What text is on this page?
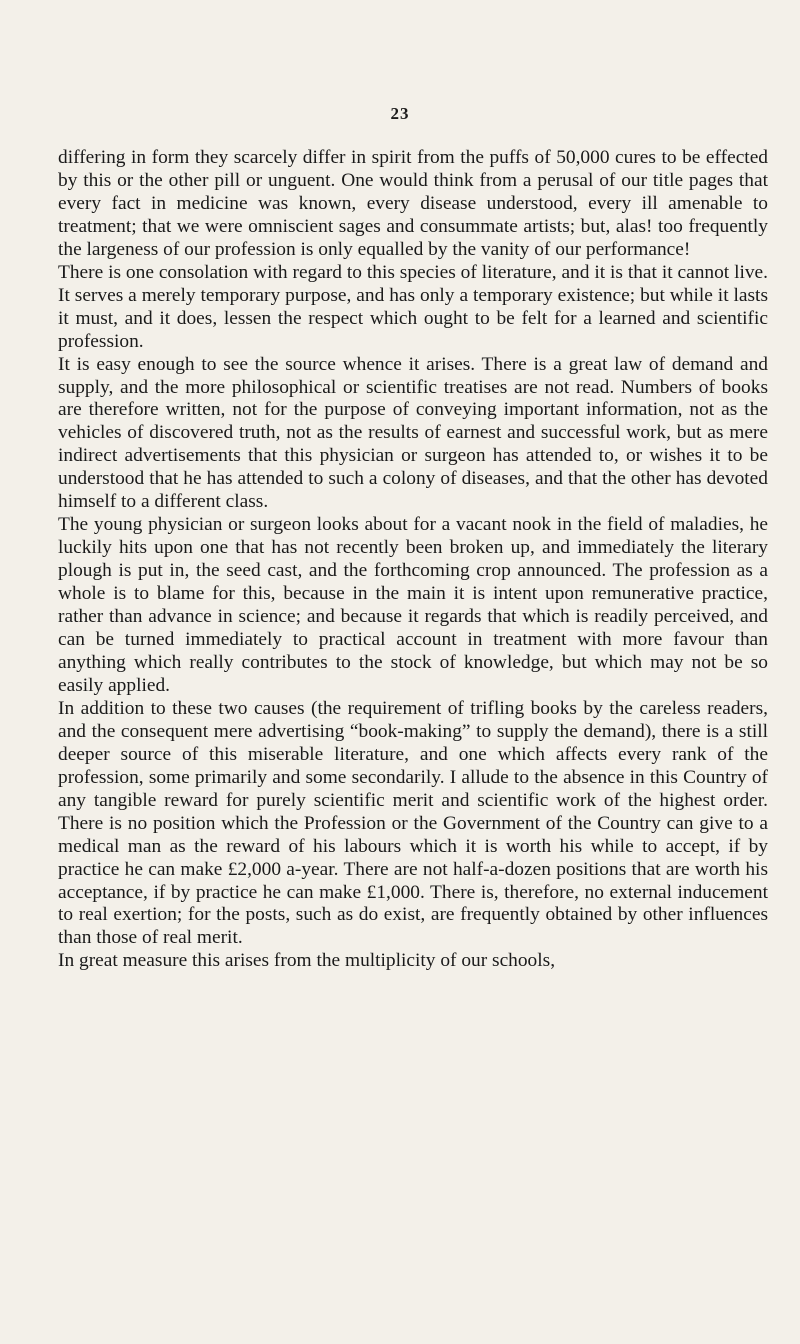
23

differing in form they scarcely differ in spirit from the puffs of 50,000 cures to be effected by this or the other pill or unguent. One would think from a perusal of our title pages that every fact in medicine was known, every disease understood, every ill amenable to treatment; that we were omniscient sages and consummate artists; but, alas! too frequently the largeness of our profession is only equalled by the vanity of our performance!

There is one consolation with regard to this species of literature, and it is that it cannot live. It serves a merely temporary purpose, and has only a temporary existence; but while it lasts it must, and it does, lessen the respect which ought to be felt for a learned and scientific profession.

It is easy enough to see the source whence it arises. There is a great law of demand and supply, and the more philosophical or scientific treatises are not read. Numbers of books are therefore written, not for the purpose of conveying important information, not as the vehicles of discovered truth, not as the results of earnest and successful work, but as mere indirect advertisements that this physician or surgeon has attended to, or wishes it to be understood that he has attended to such a colony of diseases, and that the other has devoted himself to a different class.

The young physician or surgeon looks about for a vacant nook in the field of maladies, he luckily hits upon one that has not recently been broken up, and immediately the literary plough is put in, the seed cast, and the forthcoming crop announced. The profession as a whole is to blame for this, because in the main it is intent upon remunerative practice, rather than advance in science; and because it regards that which is readily perceived, and can be turned immediately to practical account in treatment with more favour than anything which really contributes to the stock of knowledge, but which may not be so easily applied.

In addition to these two causes (the requirement of trifling books by the careless readers, and the consequent mere advertising “book-making” to supply the demand), there is a still deeper source of this miserable literature, and one which affects every rank of the profession, some primarily and some secondarily. I allude to the absence in this Country of any tangible reward for purely scientific merit and scientific work of the highest order. There is no position which the Profession or the Government of the Country can give to a medical man as the reward of his labours which it is worth his while to accept, if by practice he can make £2,000 a-year. There are not half-a-dozen positions that are worth his acceptance, if by practice he can make £1,000. There is, therefore, no external inducement to real exertion; for the posts, such as do exist, are frequently obtained by other influences than those of real merit.

In great measure this arises from the multiplicity of our schools,
